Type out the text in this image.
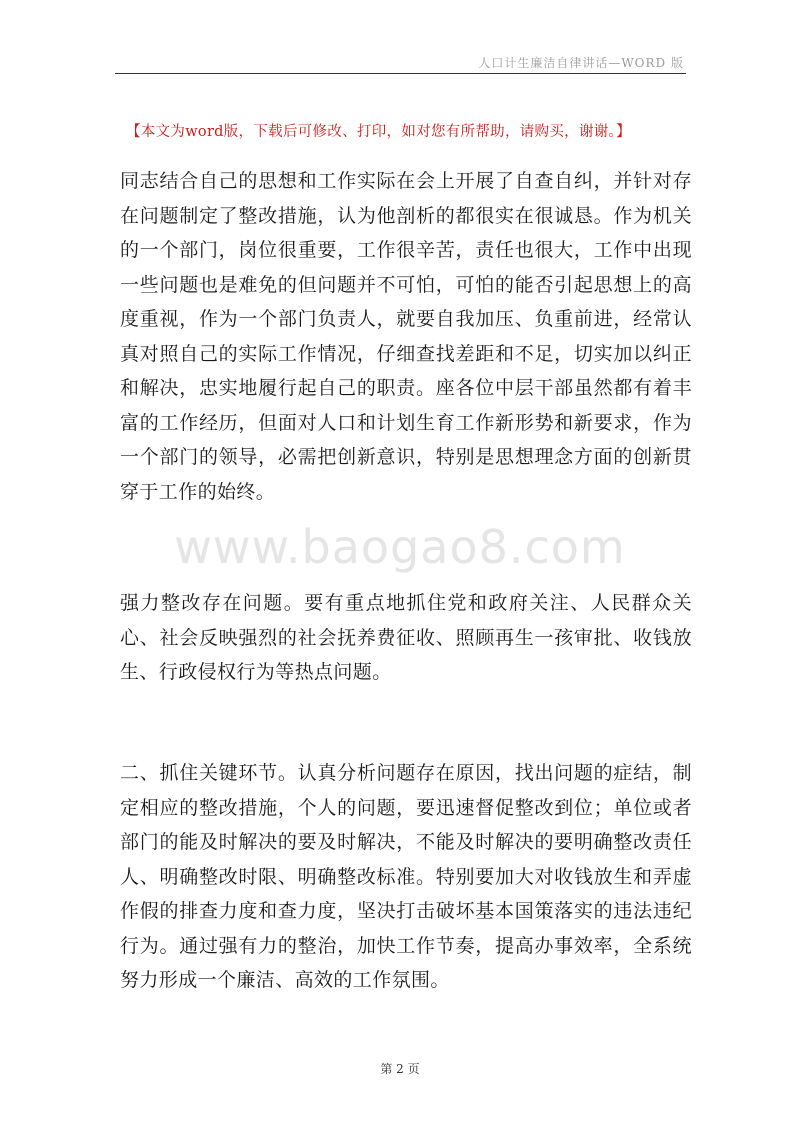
人口计生廉洁自律讲话—WORD 版
【本文为word版，下载后可修改、打印，如对您有所帮助，请购买，谢谢。】
www.baogao8.com
同志结合自己的思想和工作实际在会上开展了自查自纠，并针对存在问题制定了整改措施，认为他剖析的都很实在很诚恳。作为机关的一个部门，岗位很重要，工作很辛苦，责任也很大，工作中出现一些问题也是难免的但问题并不可怕，可怕的能否引起思想上的高度重视，作为一个部门负责人，就要自我加压、负重前进，经常认真对照自己的实际工作情况，仔细查找差距和不足，切实加以纠正和解决，忠实地履行起自己的职责。座各位中层干部虽然都有着丰富的工作经历，但面对人口和计划生育工作新形势和新要求，作为一个部门的领导，必需把创新意识，特别是思想理念方面的创新贯穿于工作的始终。
强力整改存在问题。要有重点地抓住党和政府关注、人民群众关心、社会反映强烈的社会抚养费征收、照顾再生一孩审批、收钱放生、行政侵权行为等热点问题。
二、抓住关键环节。认真分析问题存在原因，找出问题的症结，制定相应的整改措施，个人的问题，要迅速督促整改到位；单位或者部门的能及时解决的要及时解决，不能及时解决的要明确整改责任人、明确整改时限、明确整改标准。特别要加大对收钱放生和弄虚作假的排查力度和查力度，坚决打击破坏基本国策落实的违法违纪行为。通过强有力的整治，加快工作节奏，提高办事效率，全系统努力形成一个廉洁、高效的工作氛围。
第 2 页
